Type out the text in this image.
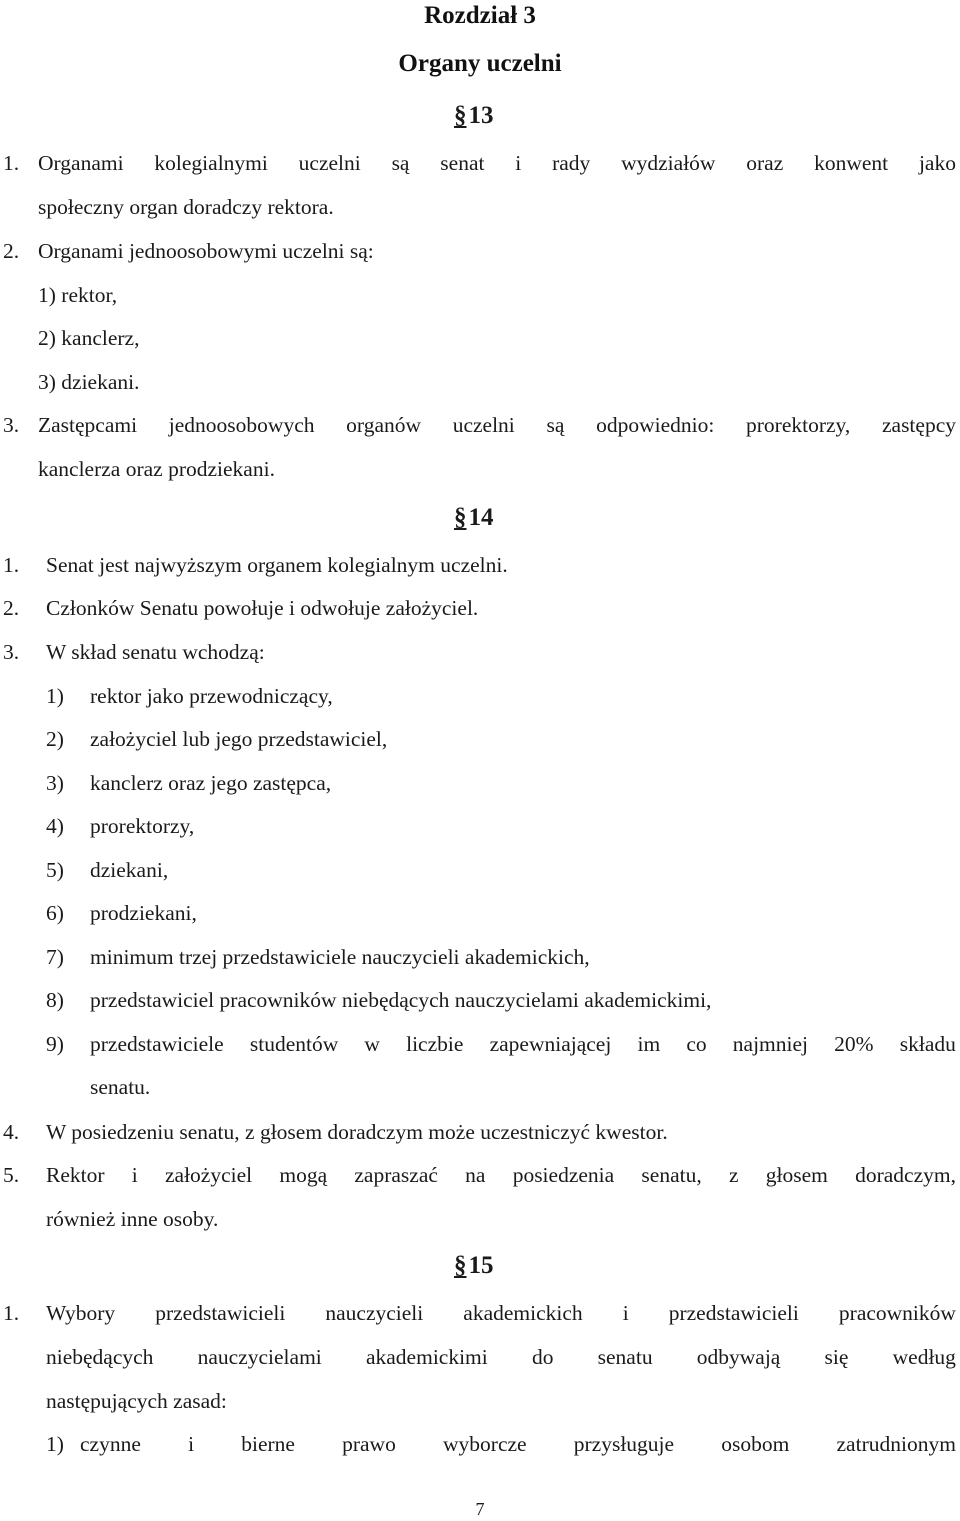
Rozdział 3
Organy uczelni
§13
1. Organami kolegialnymi uczelni są senat i rady wydziałów oraz konwent jako
społeczny organ doradczy rektora.
2. Organami jednoosobowymi uczelni są:
1) rektor,
2) kanclerz,
3) dziekani.
3. Zastępcami jednoosobowych organów uczelni są odpowiednio: prorektorzy, zastępcy
kanclerza oraz prodziekani.
§14
1. Senat jest najwyższym organem kolegialnym uczelni.
2. Członków Senatu powołuje i odwołuje założyciel.
3. W skład senatu wchodzą:
1) rektor jako przewodniczący,
2) założyciel lub jego przedstawiciel,
3) kanclerz oraz jego zastępca,
4) prorektorzy,
5) dziekani,
6) prodziekani,
7) minimum trzej przedstawiciele nauczycieli akademickich,
8) przedstawiciel pracowników niebędących nauczycielami akademickimi,
9) przedstawiciele studentów w liczbie zapewniającej im co najmniej 20% składu
senatu.
4. W posiedzeniu senatu, z głosem doradczym może uczestniczyć kwestor.
5. Rektor i założyciel mogą zapraszać na posiedzenia senatu, z głosem doradczym,
również inne osoby.
§15
1. Wybory przedstawicieli nauczycieli akademickich i przedstawicieli pracowników
niebędących nauczycielami akademickimi do senatu odbywają się według
następujących zasad:
1) czynne i bierne prawo wyborcze przysługuje osobom zatrudnionym
7
